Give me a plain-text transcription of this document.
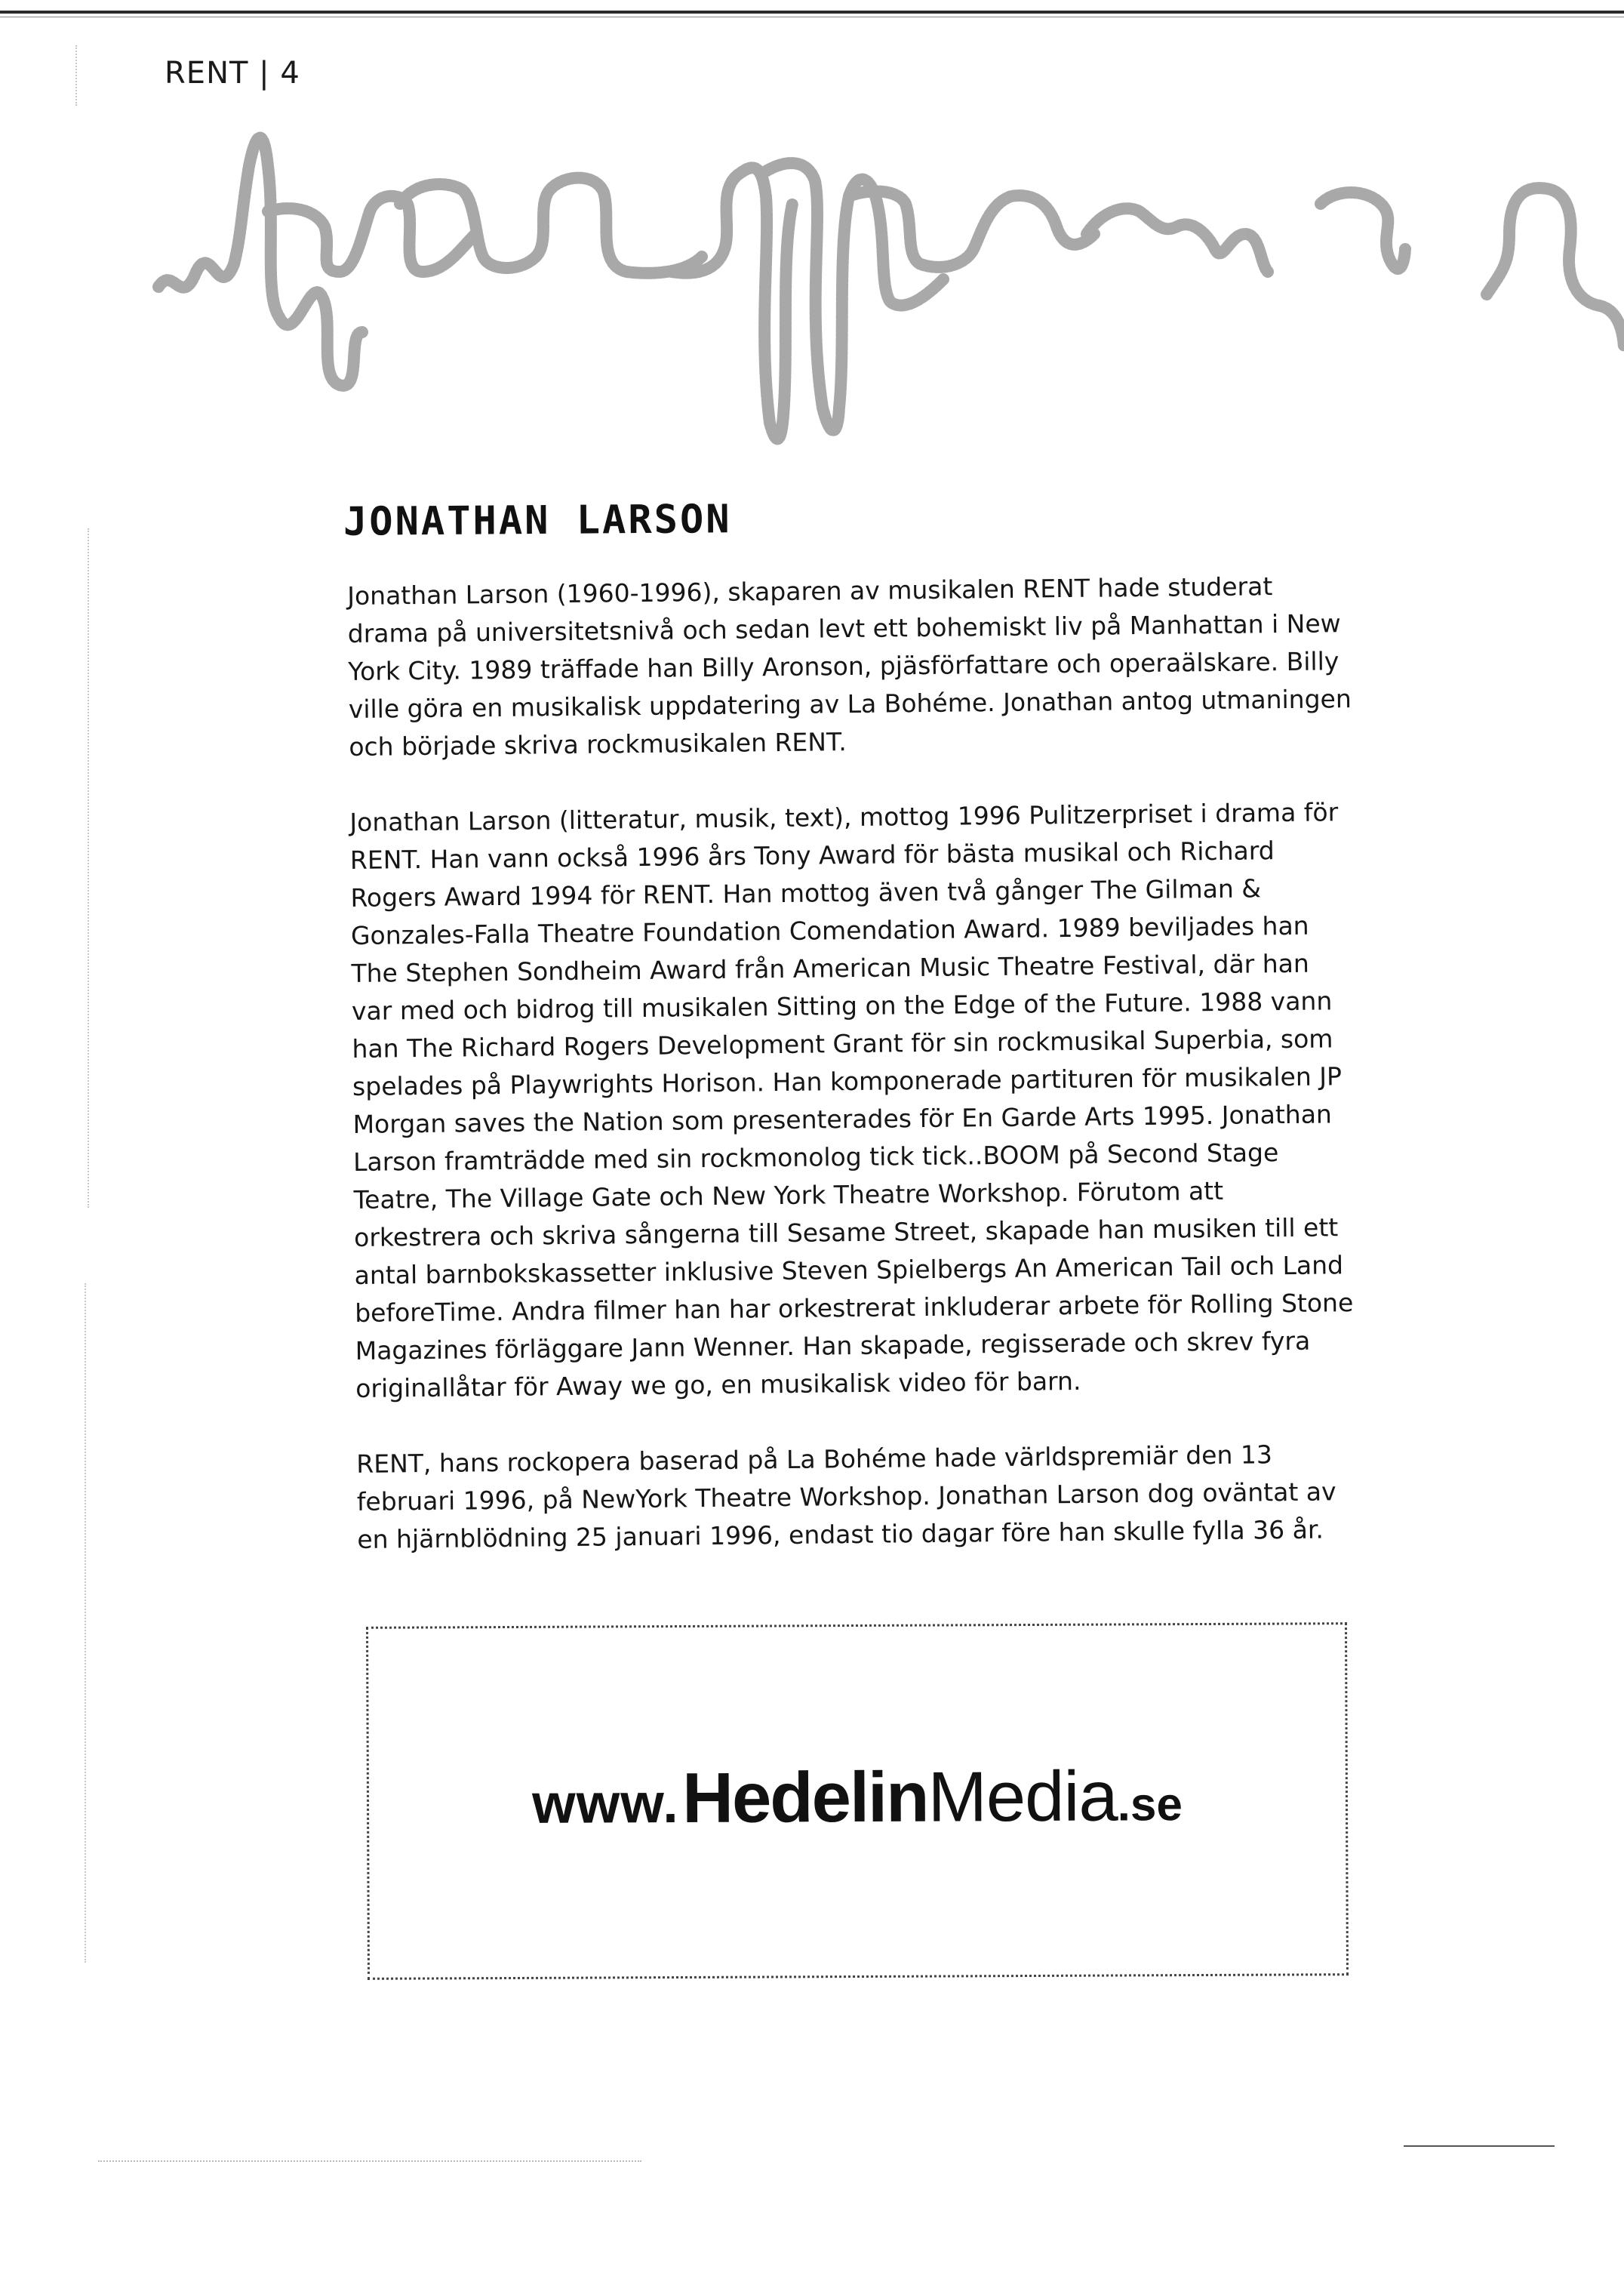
RENT | 4
JONATHAN LARSON

Jonathan Larson (1960-1996), skaparen av musikalen RENT hade studerat drama på universitetsnivå och sedan levt ett bohemiskt liv på Manhattan i New York City. 1989 träffade han Billy Aronson, pjäsförfattare och operaälskare. Billy ville göra en musikalisk uppdatering av La Bohéme. Jonathan antog utmaningen och började skriva rockmusikalen RENT.

Jonathan Larson (litteratur, musik, text), mottog 1996 Pulitzerpriset i drama för RENT. Han vann också 1996 års Tony Award för bästa musikal och Richard Rogers Award 1994 för RENT. Han mottog även två gånger The Gilman & Gonzales-Falla Theatre Foundation Comendation Award. 1989 beviljades han The Stephen Sondheim Award från American Music Theatre Festival, där han var med och bidrog till musikalen Sitting on the Edge of the Future. 1988 vann han The Richard Rogers Development Grant för sin rockmusikal Superbia, som spelades på Playwrights Horison. Han komponerade partituren för musikalen JP Morgan saves the Nation som presenterades för En Garde Arts 1995. Jonathan Larson framträdde med sin rockmonolog tick tick..BOOM på Second Stage Teatre, The Village Gate och New York Theatre Workshop. Förutom att orkestrera och skriva sångerna till Sesame Street, skapade han musiken till ett antal barnbokskassetter inklusive Steven Spielbergs An American Tail och Land beforeTime. Andra filmer han har orkestrerat inkluderar arbete för Rolling Stone Magazines förläggare Jann Wenner. Han skapade, regisserade och skrev fyra originallåtar för Away we go, en musikalisk video för barn.

RENT, hans rockopera baserad på La Bohéme hade världspremiär den 13 februari 1996, på NewYork Theatre Workshop. Jonathan Larson dog oväntat av en hjärnblödning 25 januari 1996, endast tio dagar före han skulle fylla 36 år.

www. HedelinMedia.se
